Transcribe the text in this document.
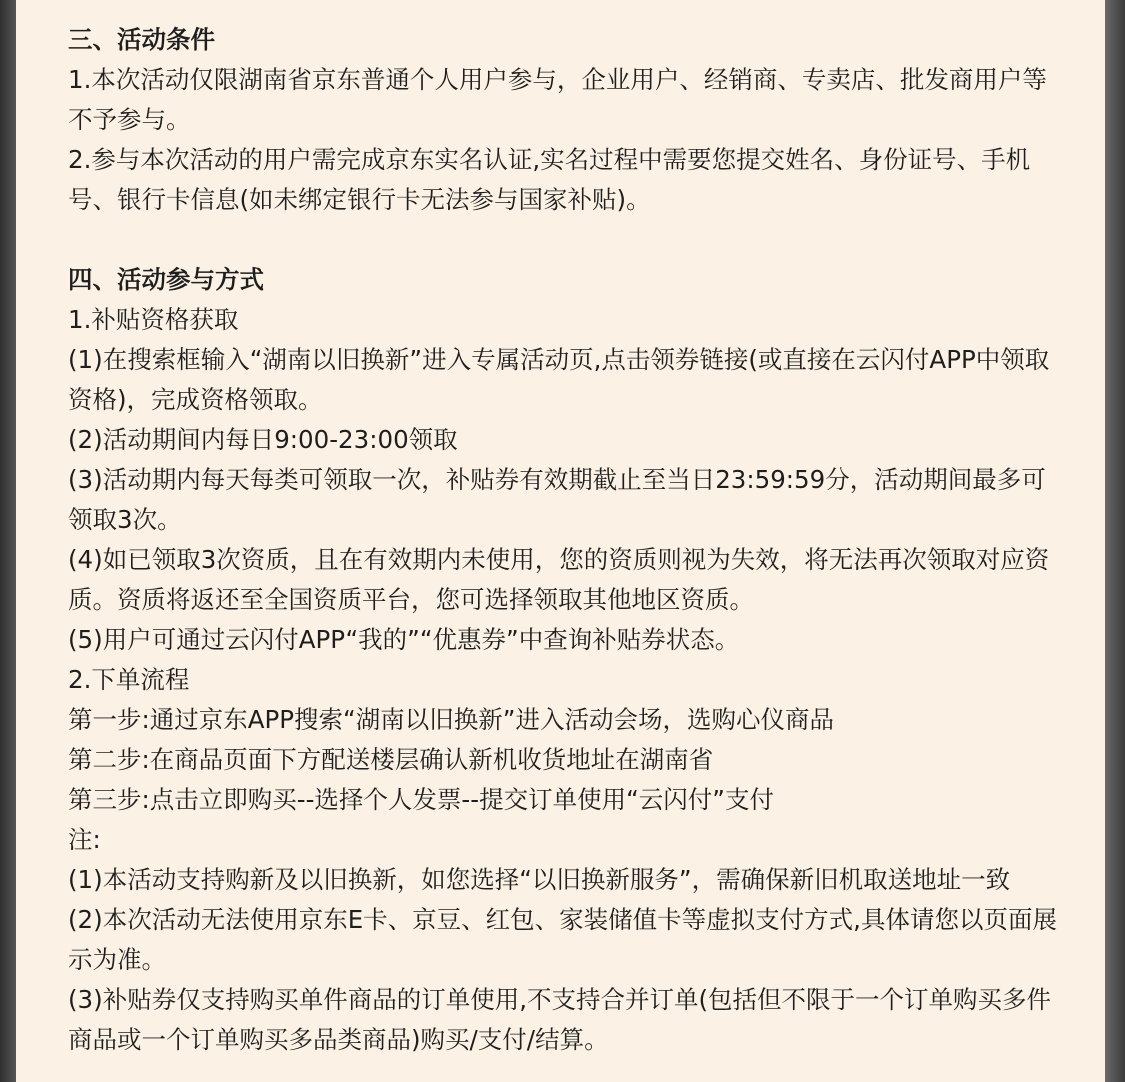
三、活动条件

1.本次活动仅限湖南省京东普通个人用户参与，企业用户、经销商、专卖店、批发商用户等不予参与。

2.参与本次活动的用户需完成京东实名认证,实名过程中需要您提交姓名、身份证号、手机号、银行卡信息(如未绑定银行卡无法参与国家补贴)。

四、活动参与方式

1.补贴资格获取

(1)在搜索框输入“湖南以旧换新”进入专属活动页,点击领券链接(或直接在云闪付APP中领取资格)，完成资格领取。

(2)活动期间内每日9:00-23:00领取

(3)活动期内每天每类可领取一次，补贴券有效期截止至当日23:59:59分，活动期间最多可领取3次。

(4)如已领取3次资质，且在有效期内未使用，您的资质则视为失效，将无法再次领取对应资质。资质将返还至全国资质平台，您可选择领取其他地区资质。

(5)用户可通过云闪付APP“我的”“优惠券”中查询补贴券状态。

2.下单流程

第一步:通过京东APP搜索“湖南以旧换新”进入活动会场，选购心仪商品

第二步:在商品页面下方配送楼层确认新机收货地址在湖南省

第三步:点击立即购买--选择个人发票--提交订单使用“云闪付”支付

注:

(1)本活动支持购新及以旧换新，如您选择“以旧换新服务”，需确保新旧机取送地址一致

(2)本次活动无法使用京东E卡、京豆、红包、家装储值卡等虚拟支付方式,具体请您以页面展示为准。

(3)补贴券仅支持购买单件商品的订单使用,不支持合并订单(包括但不限于一个订单购买多件商品或一个订单购买多品类商品)购买/支付/结算。
